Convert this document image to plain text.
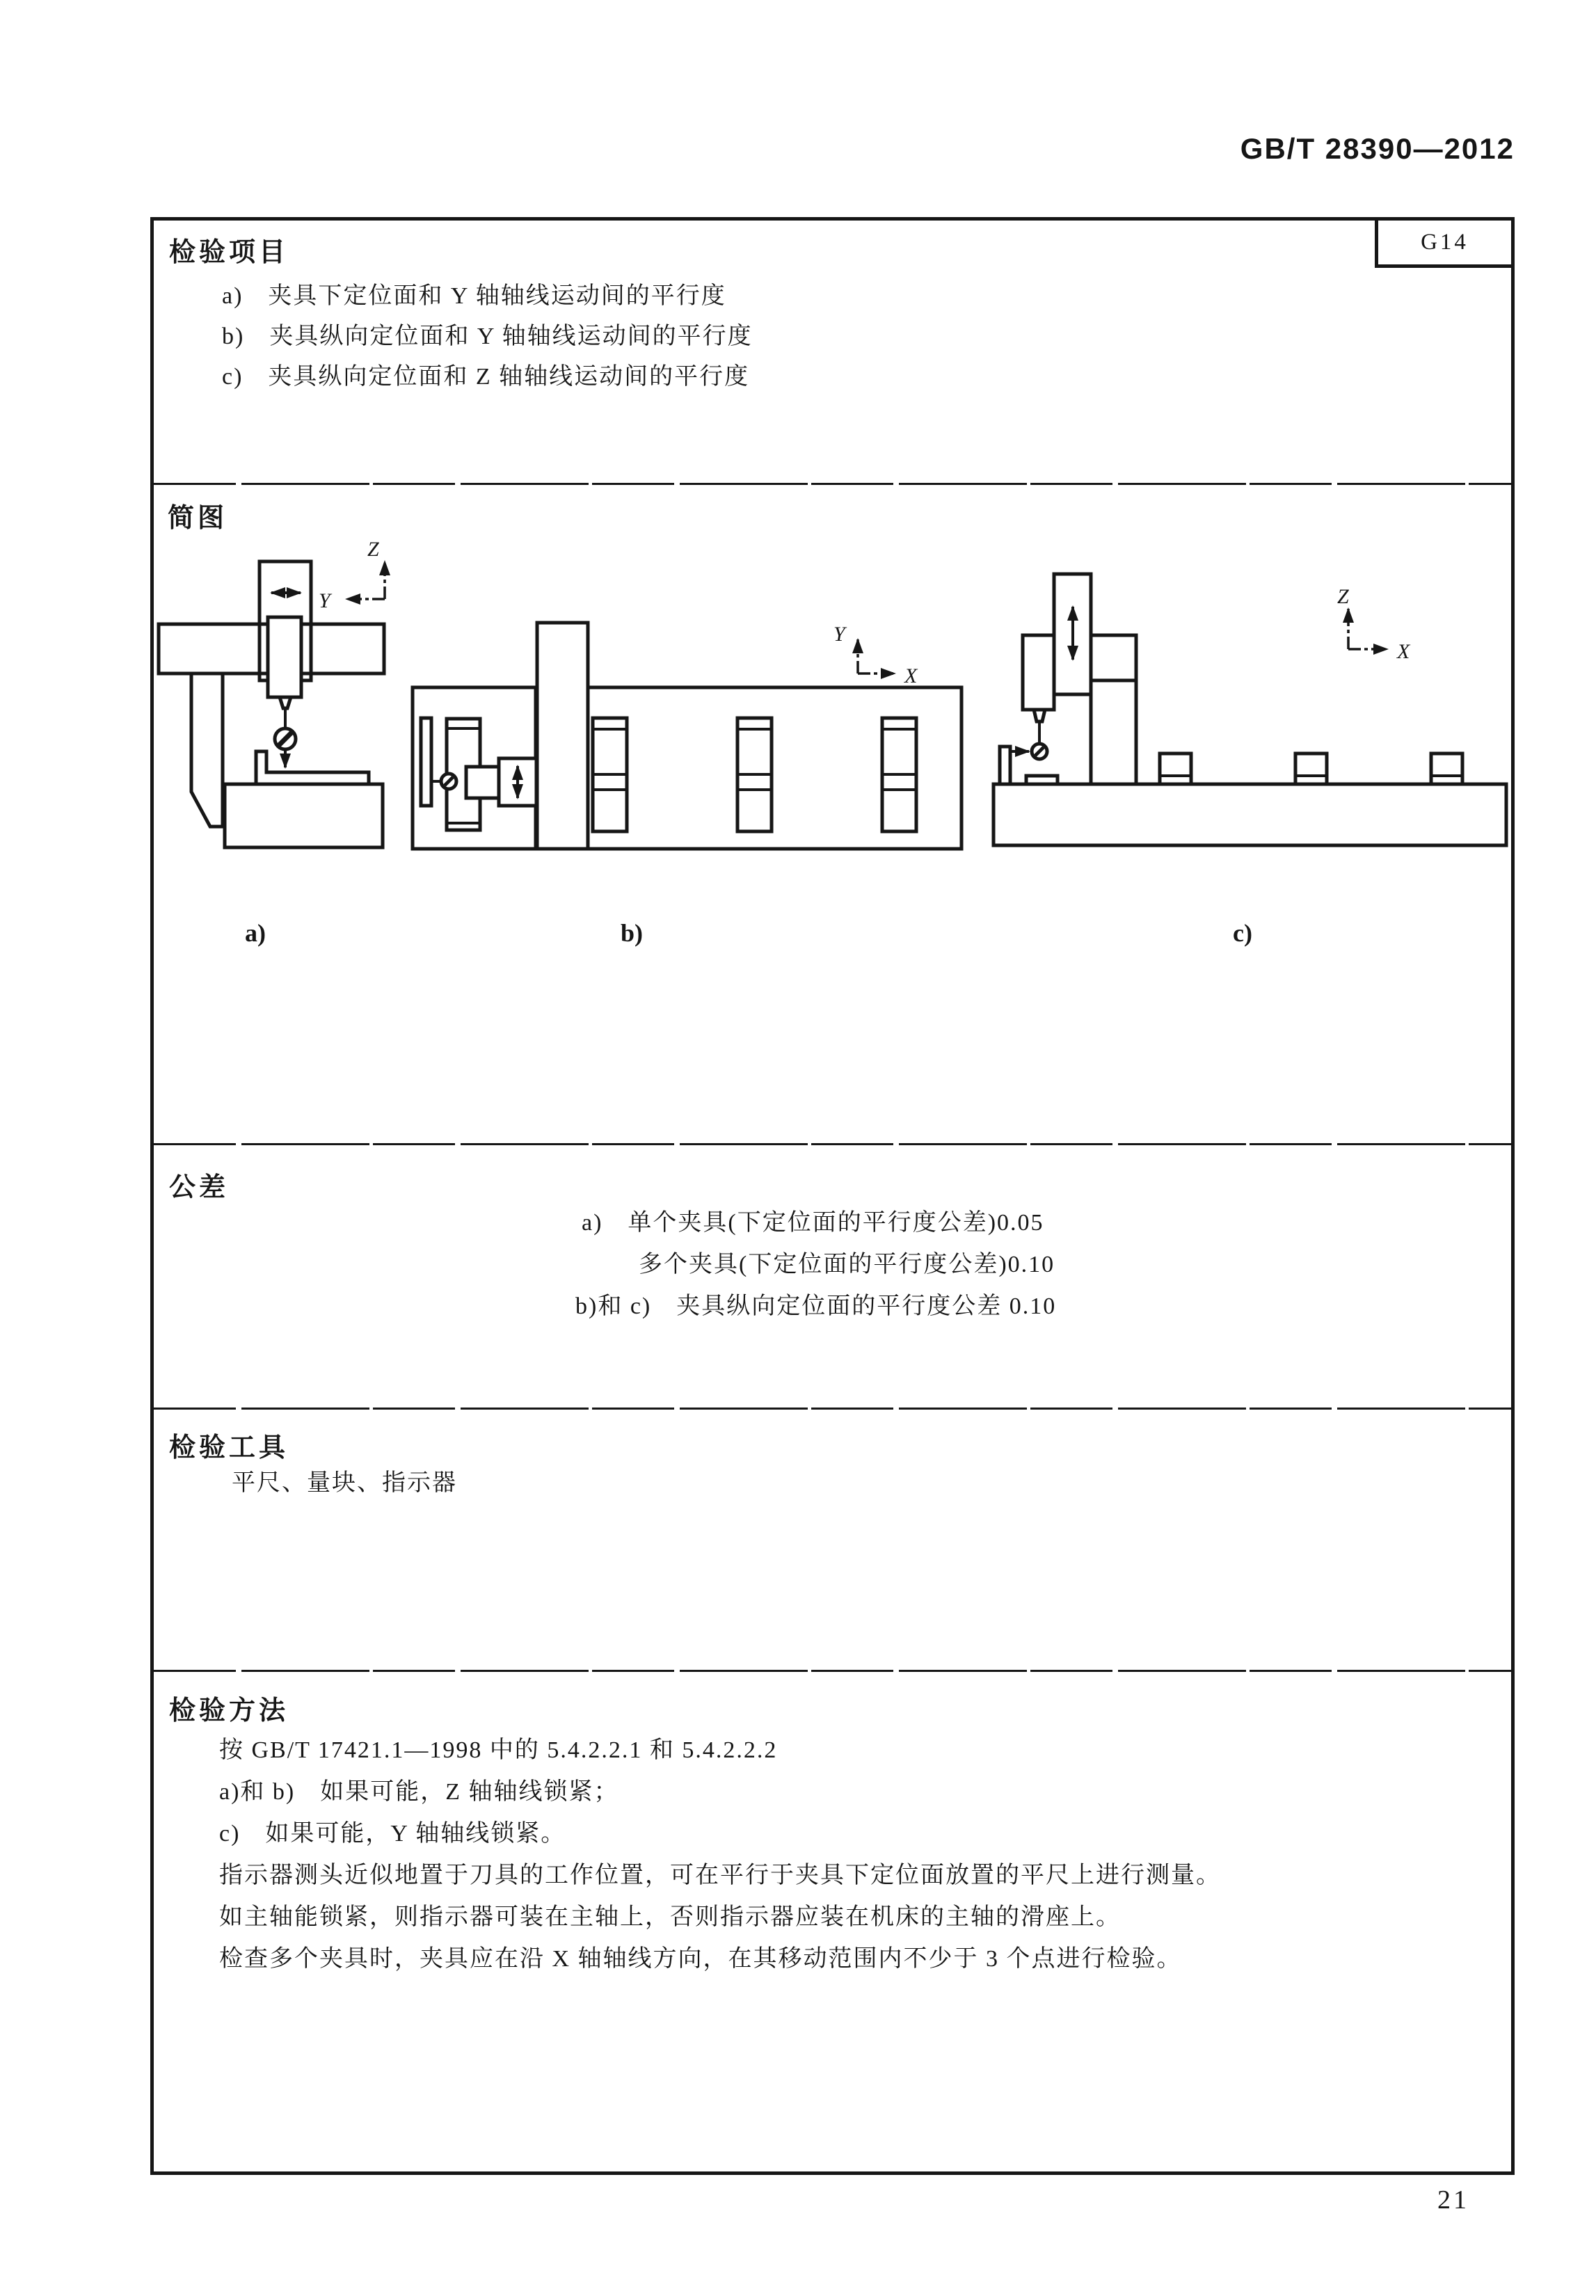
GB/T 28390—2012
G14
检验项目
a)　夹具下定位面和 Y 轴轴线运动间的平行度
b)　夹具纵向定位面和 Y 轴轴线运动间的平行度
c)　夹具纵向定位面和 Z 轴轴线运动间的平行度
简图
Z
Y
a)
Y
X
b)
Z
X
c)
公差
a)　单个夹具(下定位面的平行度公差)0.05
多个夹具(下定位面的平行度公差)0.10
b)和 c)　夹具纵向定位面的平行度公差 0.10
检验工具
平尺、量块、指示器
检验方法
按 GB/T 17421.1—1998 中的 5.4.2.2.1 和 5.4.2.2.2
a)和 b)　如果可能，Z 轴轴线锁紧；
c)　如果可能，Y 轴轴线锁紧。
指示器测头近似地置于刀具的工作位置，可在平行于夹具下定位面放置的平尺上进行测量。
如主轴能锁紧，则指示器可装在主轴上，否则指示器应装在机床的主轴的滑座上。
检查多个夹具时，夹具应在沿 X 轴轴线方向，在其移动范围内不少于 3 个点进行检验。
21
